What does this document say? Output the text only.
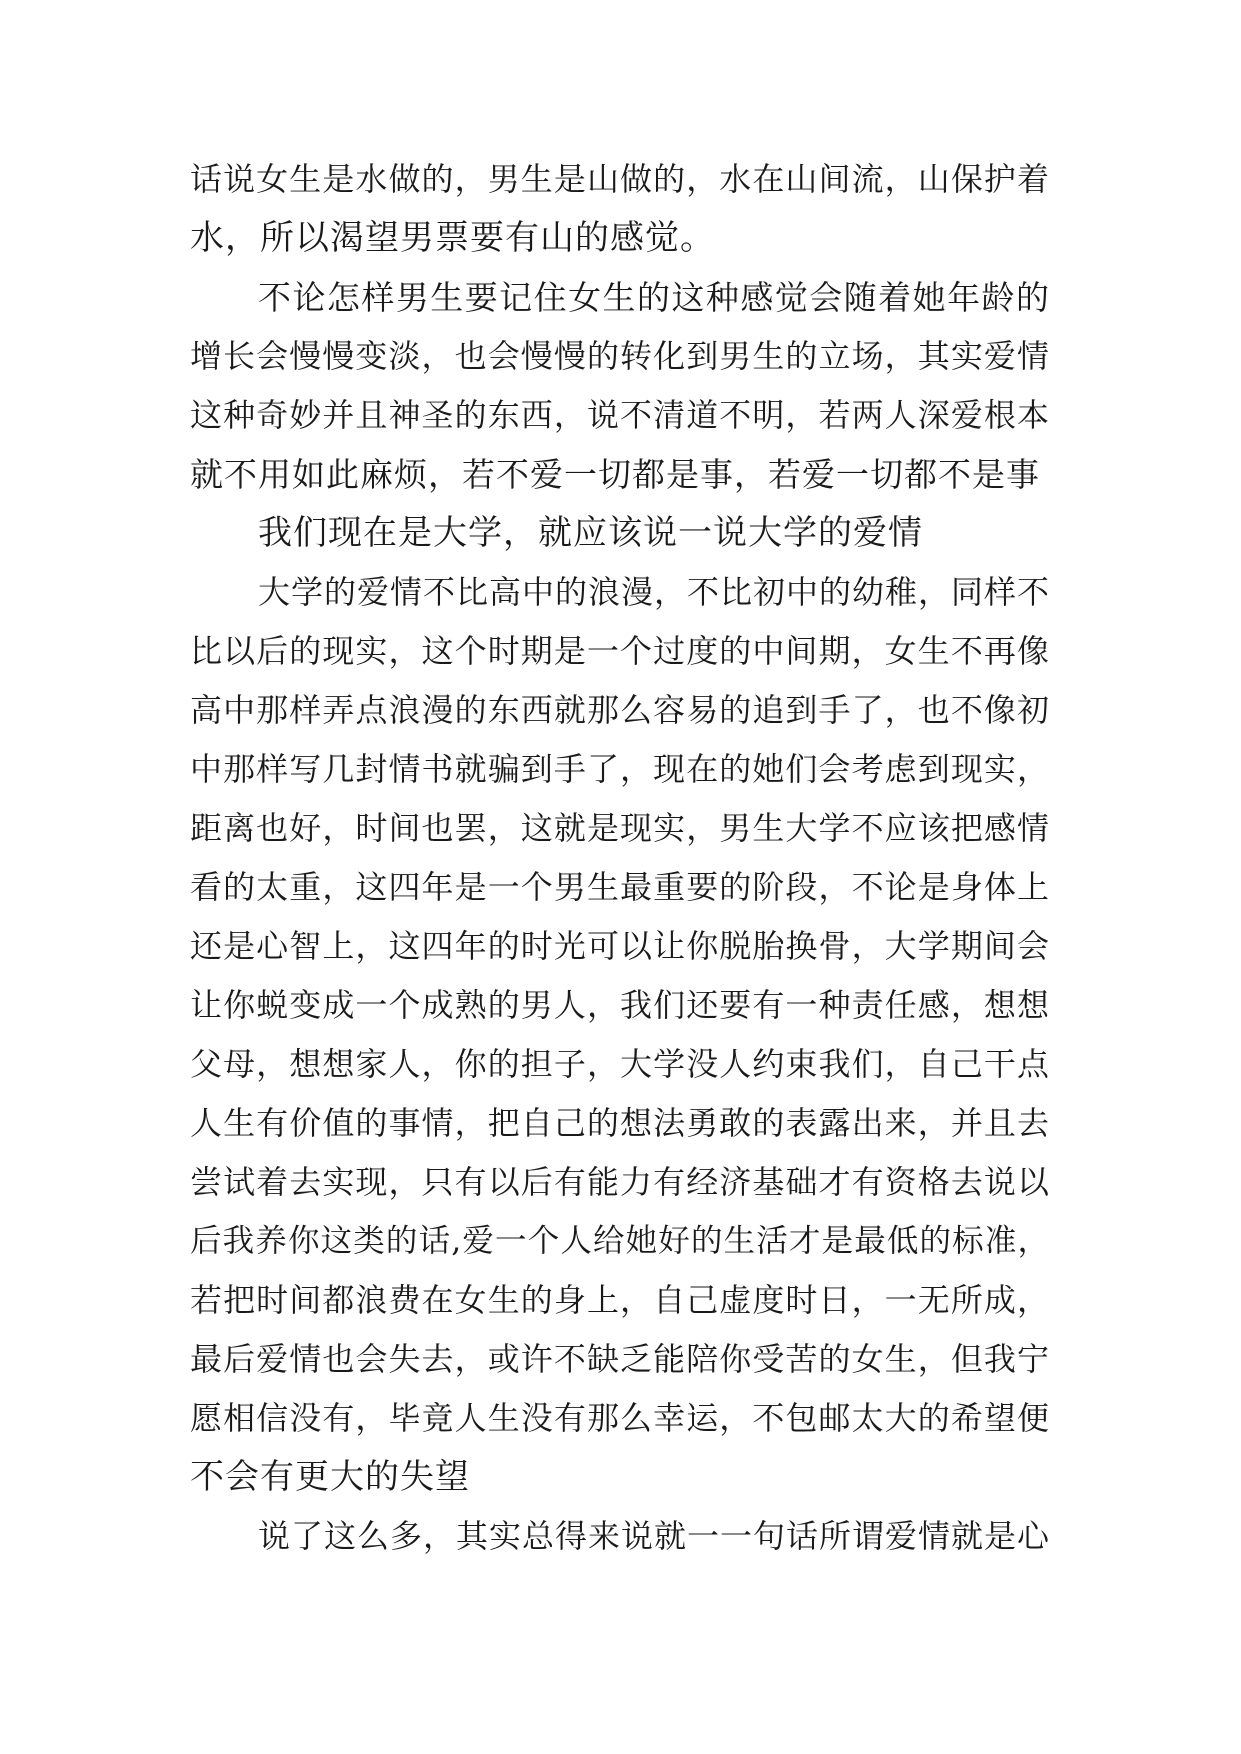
话说女生是水做的，男生是山做的，水在山间流，山保护着
水，所以渴望男票要有山的感觉。
不论怎样男生要记住女生的这种感觉会随着她年龄的
增长会慢慢变淡，也会慢慢的转化到男生的立场，其实爱情
这种奇妙并且神圣的东西，说不清道不明，若两人深爱根本
就不用如此麻烦，若不爱一切都是事，若爱一切都不是事
我们现在是大学，就应该说一说大学的爱情
大学的爱情不比高中的浪漫，不比初中的幼稚，同样不
比以后的现实，这个时期是一个过度的中间期，女生不再像
高中那样弄点浪漫的东西就那么容易的追到手了，也不像初
中那样写几封情书就骗到手了，现在的她们会考虑到现实，
距离也好，时间也罢，这就是现实，男生大学不应该把感情
看的太重，这四年是一个男生最重要的阶段，不论是身体上
还是心智上，这四年的时光可以让你脱胎换骨，大学期间会
让你蜕变成一个成熟的男人，我们还要有一种责任感，想想
父母，想想家人，你的担子，大学没人约束我们，自己干点
人生有价值的事情，把自己的想法勇敢的表露出来，并且去
尝试着去实现，只有以后有能力有经济基础才有资格去说以
后我养你这类的话,爱一个人给她好的生活才是最低的标准，
若把时间都浪费在女生的身上，自己虚度时日，一无所成，
最后爱情也会失去，或许不缺乏能陪你受苦的女生，但我宁
愿相信没有，毕竟人生没有那么幸运，不包邮太大的希望便
不会有更大的失望
说了这么多，其实总得来说就一一句话所谓爱情就是心
